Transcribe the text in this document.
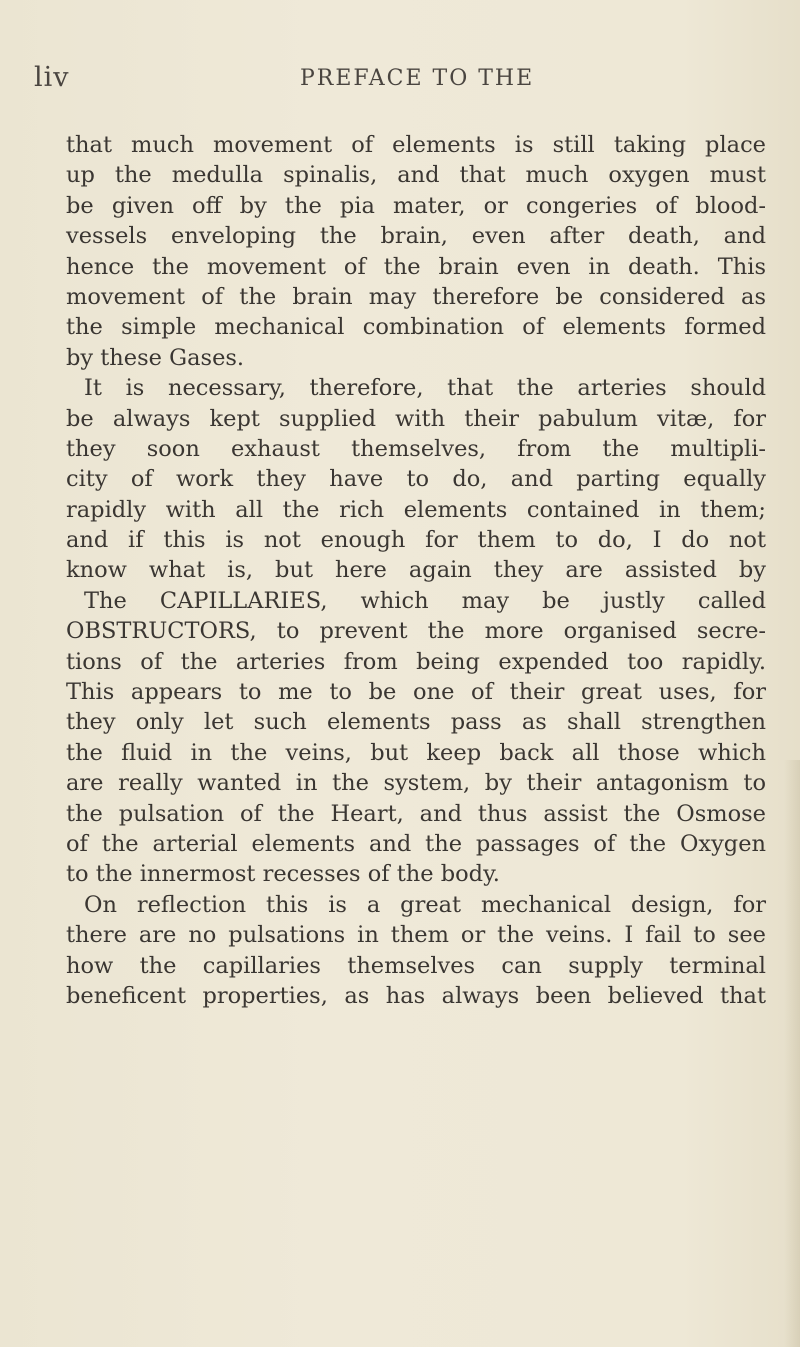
liv	PREFACE TO THE
that much movement of elements is still taking place
up the medulla spinalis, and that much oxygen must
be given off by the pia mater, or congeries of blood-
vessels enveloping the brain, even after death, and
hence the movement of the brain even in death. This
movement of the brain may therefore be considered as
the simple mechanical combination of elements formed
by these Gases.
It is necessary, therefore, that the arteries should
be always kept supplied with their pabulum vitæ, for
they soon exhaust themselves, from the multipli-
city of work they have to do, and parting equally
rapidly with all the rich elements contained in them;
and if this is not enough for them to do, I do not
know what is, but here again they are assisted by
The CAPILLARIES, which may be justly called
OBSTRUCTORS, to prevent the more organised secre-
tions of the arteries from being expended too rapidly.
This appears to me to be one of their great uses, for
they only let such elements pass as shall strengthen
the fluid in the veins, but keep back all those which
are really wanted in the system, by their antagonism to
the pulsation of the Heart, and thus assist the Osmose
of the arterial elements and the passages of the Oxygen
to the innermost recesses of the body.
On reflection this is a great mechanical design, for
there are no pulsations in them or the veins. I fail to see
how the capillaries themselves can supply terminal
beneficent properties, as has always been believed that
